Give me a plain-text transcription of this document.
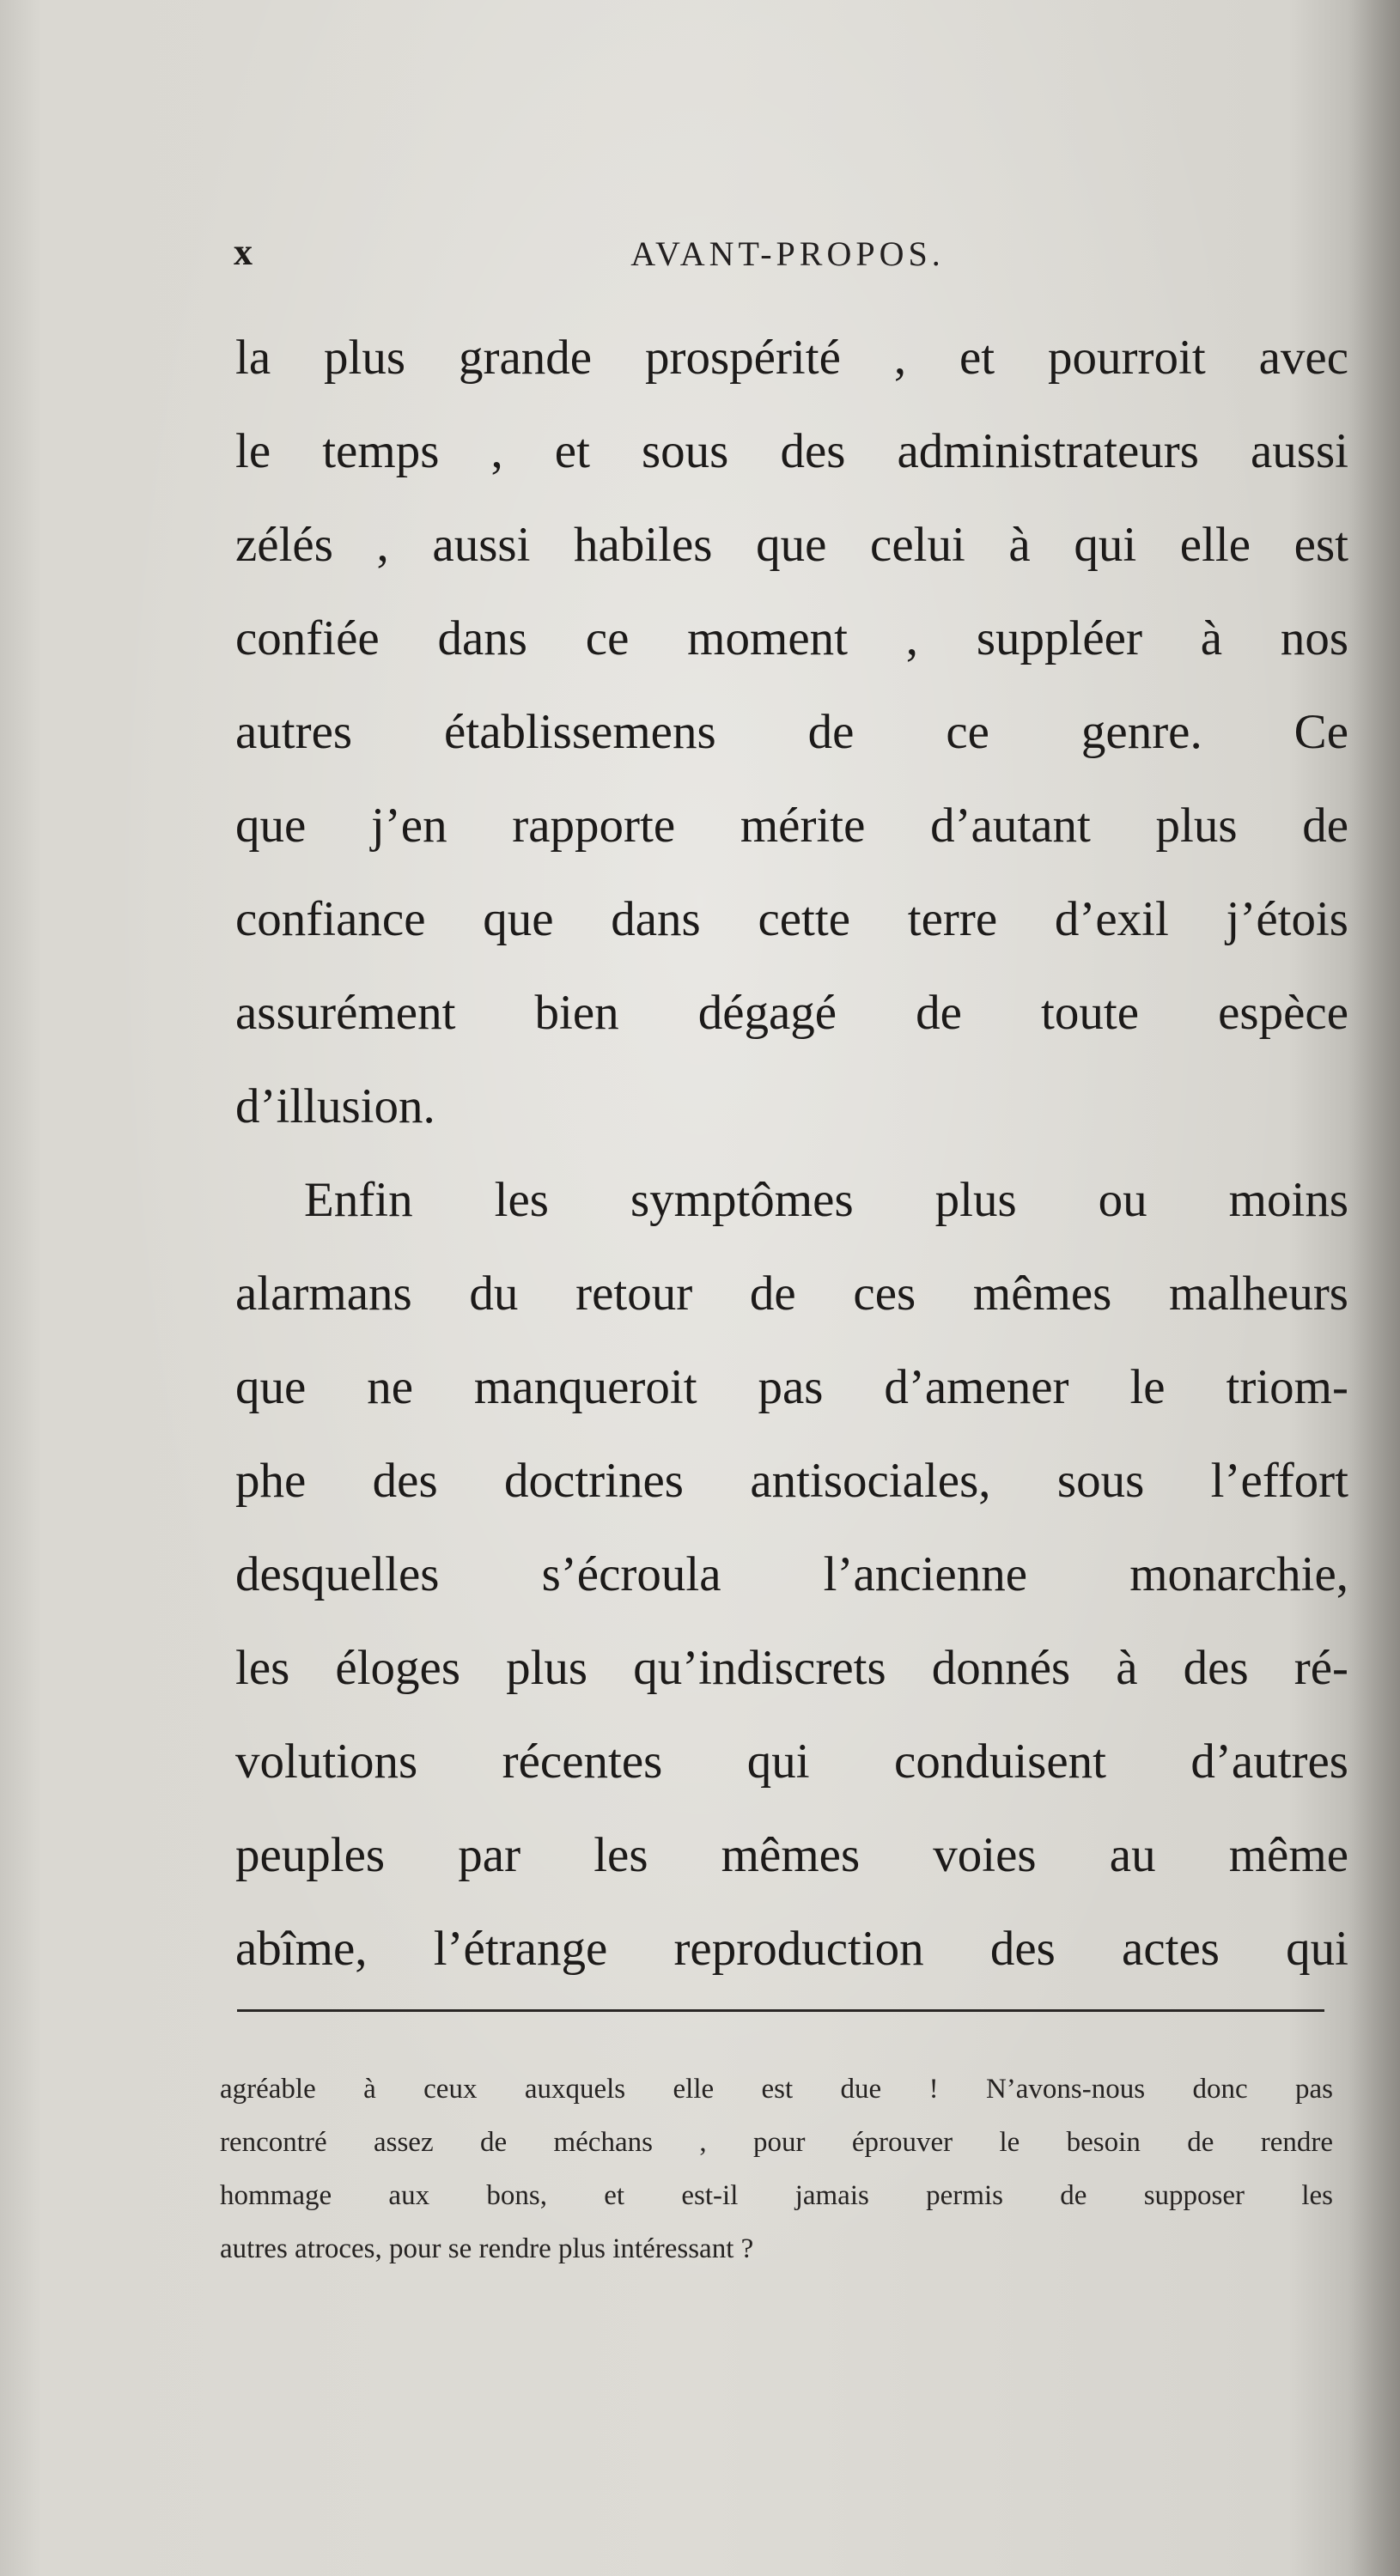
x	AVANT-PROPOS.
la plus grande prospérité , et pourroit avec
le temps , et sous des administrateurs aussi
zélés , aussi habiles que celui à qui elle est
confiée dans ce moment , suppléer à nos
autres établissemens de ce genre. Ce
que j’en rapporte mérite d’autant plus de
confiance que dans cette terre d’exil j’étois
assurément bien dégagé de toute espèce
d’illusion.
Enfin les symptômes plus ou moins
alarmans du retour de ces mêmes malheurs
que ne manqueroit pas d’amener le triom-
phe des doctrines antisociales, sous l’effort
desquelles s’écroula l’ancienne monarchie,
les éloges plus qu’indiscrets donnés à des ré-
volutions récentes qui conduisent d’autres
peuples par les mêmes voies au même
abîme, l’étrange reproduction des actes qui
agréable à ceux auxquels elle est due ! N’avons-nous donc pas
rencontré assez de méchans , pour éprouver le besoin de rendre
hommage aux bons, et est-il jamais permis de supposer les
autres atroces, pour se rendre plus intéressant ?
